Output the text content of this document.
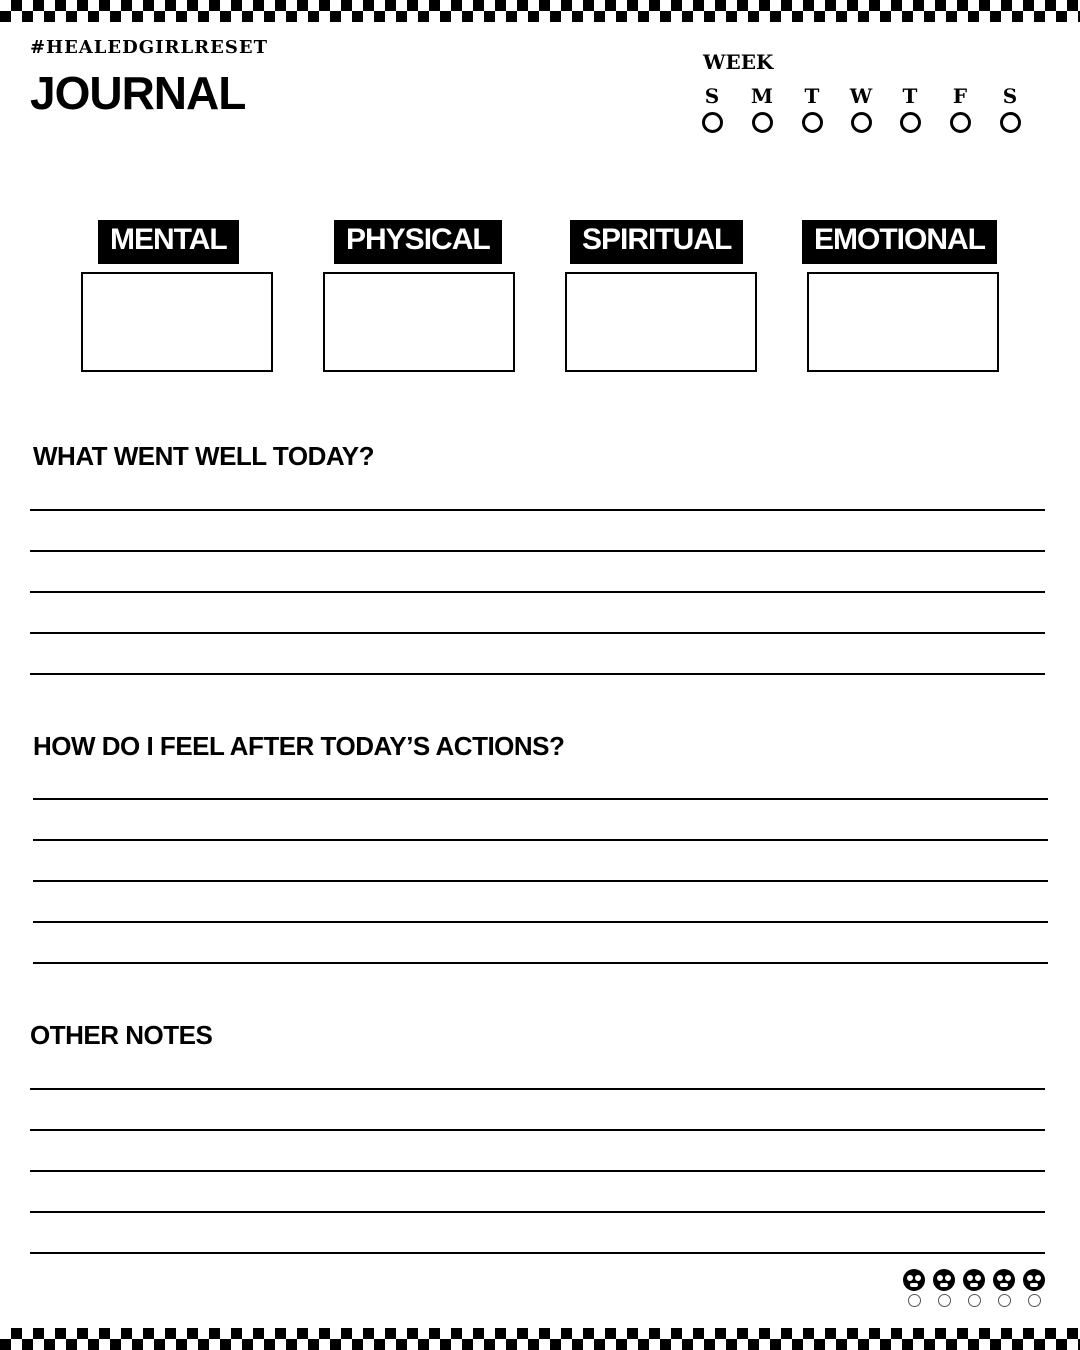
#HEALEDGIRLRESET
JOURNAL
WEEK
S	M	T	W	T	F	S
MENTAL	PHYSICAL	SPIRITUAL	EMOTIONAL
WHAT WENT WELL TODAY?
HOW DO I FEEL AFTER TODAY’S ACTIONS?
OTHER NOTES
